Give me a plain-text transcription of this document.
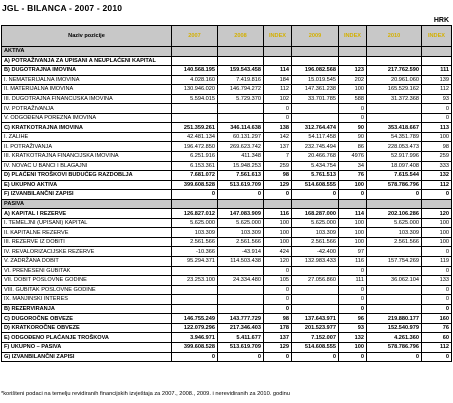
JGL - BILANCA - 2007 - 2010
HRK
Naziv pozicije	2007	2008	INDEX	2009	INDEX	2010	INDEX
AKTIVA							
A) POTRAŽIVANJA ZA UPISANI A NEUPLAĆENI KAPITAL							
B) DUGOTRAJNA IMOVINA	140.568.195	159.543.458	114	196.082.568	123	217.762.590	111
I. NEMATERIJALNA IMOVINA	4.028.160	7.419.816	184	15.019.545	202	20.961.060	139
II. MATERIJALNA IMOVINA	130.946.020	146.794.272	112	147.361.238	100	165.529.162	112
III. DUGOTRAJNA FINANCIJSKA IMOVINA	5.594.015	5.729.370	102	33.701.785	588	31.372.368	93
IV. POTRAŽIVANJA			0		0		0
V. ODGOĐENA POREZNA IMOVINA			0		0		0
C) KRATKOTRAJNA IMOVINA	251.359.261	346.114.638	138	312.764.474	90	353.418.667	113
I. ZALIHE	42.481.134	60.131.297	142	54.117.458	90	54.351.789	100
II. POTRAŽIVANJA	196.472.850	269.623.742	137	232.745.494	86	228.053.473	98
III. KRATKOTRAJNA FINANCIJSKA IMOVINA	6.251.916	411.348	7	20.466.768	4976	52.917.996	259
IV. NOVAC U BANCI I BLAGAJNI	6.153.361	15.948.253	259	5.434.754	34	18.097.408	333
D) PLAĆENI TROŠKOVI BUDUĆEG RAZDOBLJA	7.681.072	7.561.613	98	5.761.513	76	7.615.544	132
E) UKUPNO AKTIVA	399.608.528	513.619.709	129	514.608.555	100	578.786.796	112
F) IZVANBILANČNI ZAPISI	0	0	0	0	0	0	0
PASIVA							
A) KAPITAL I REZERVE	126.827.012	147.083.909	116	168.287.000	114	202.106.286	120
I. TEMELJNI (UPISANI) KAPITAL	5.625.000	5.625.000	100	5.625.000	100	5.625.000	100
II. KAPITALNE REZERVE	103.309	103.309	100	103.309	100	103.309	100
III. REZERVE IZ DOBITI	2.561.566	2.561.566	100	2.561.566	100	2.561.566	100
IV. REVALORIZACIJSKE REZERVE	-10.366	-43.914	424	-42.400	97		0
V. ZADRŽANA DOBIT	95.294.371	114.503.438	120	132.983.433	116	157.754.269	119
VI. PRENESENI GUBITAK			0		0		0
VII. DOBIT POSLOVNE GODINE	23.253.100	24.334.480	105	27.056.860	111	36.062.104	133
VIII. GUBITAK POSLOVNE GODINE			0		0		0
IX. MANJINSKI INTERES			0		0		0
B) REZERVIRANJA			0		0		0
C) DUGOROČNE OBVEZE	146.755.249	143.777.729	98	137.643.971	96	219.880.177	160
D) KRATKOROČNE OBVEZE	122.079.296	217.346.403	178	201.523.977	93	152.540.979	76
E) ODGOĐENO PLAĆANJE TROŠKOVA	3.946.971	5.411.677	137	7.152.007	132	4.261.360	60
F) UKUPNO – PASIVA	399.608.528	513.619.709	129	514.608.555	100	578.786.796	112
G) IZVANBILANČNI ZAPISI	0	0	0	0	0	0	0
*korišteni podaci na temelju revidiranih financijskih izvještaja za 2007., 2008., 2009. i nerevidiranih za 2010. godinu
